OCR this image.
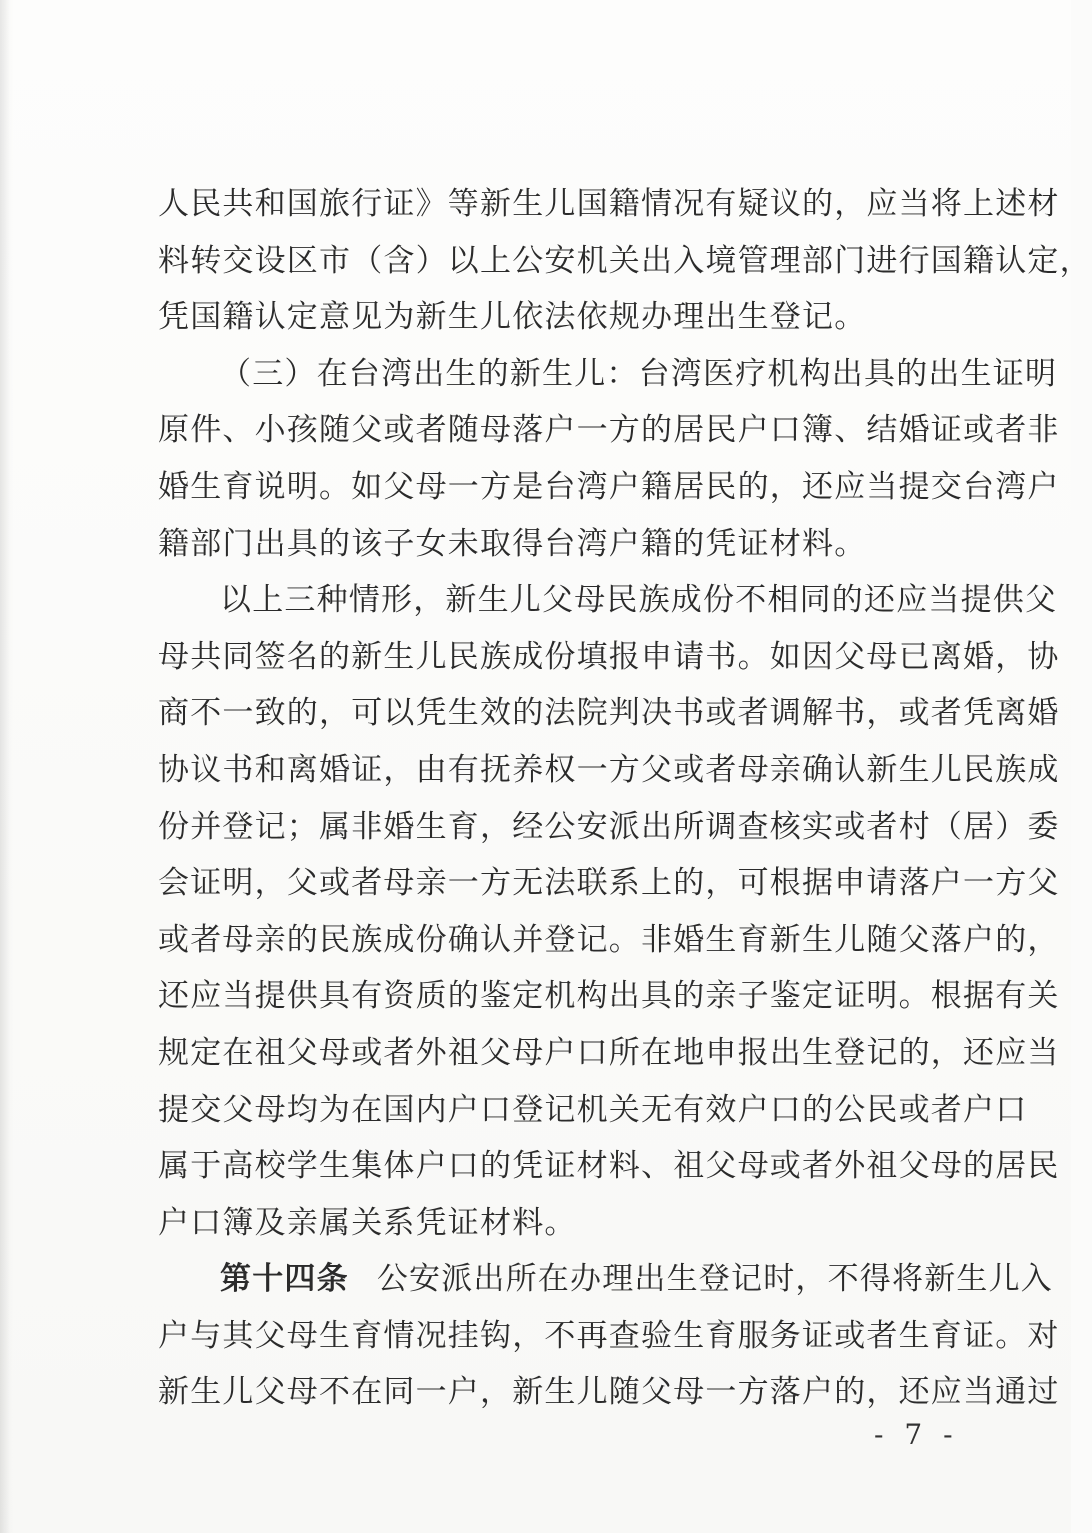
人民共和国旅行证》等新生儿国籍情况有疑议的，应当将上述材
料转交设区市（含）以上公安机关出入境管理部门进行国籍认定，
凭国籍认定意见为新生儿依法依规办理出生登记。
（三）在台湾出生的新生儿：台湾医疗机构出具的出生证明
原件、小孩随父或者随母落户一方的居民户口簿、结婚证或者非
婚生育说明。如父母一方是台湾户籍居民的，还应当提交台湾户
籍部门出具的该子女未取得台湾户籍的凭证材料。
以上三种情形，新生儿父母民族成份不相同的还应当提供父
母共同签名的新生儿民族成份填报申请书。如因父母已离婚，协
商不一致的，可以凭生效的法院判决书或者调解书，或者凭离婚
协议书和离婚证，由有抚养权一方父或者母亲确认新生儿民族成
份并登记；属非婚生育，经公安派出所调查核实或者村（居）委
会证明，父或者母亲一方无法联系上的，可根据申请落户一方父
或者母亲的民族成份确认并登记。非婚生育新生儿随父落户的，
还应当提供具有资质的鉴定机构出具的亲子鉴定证明。根据有关
规定在祖父母或者外祖父母户口所在地申报出生登记的，还应当
提交父母均为在国内户口登记机关无有效户口的公民或者户口
属于高校学生集体户口的凭证材料、祖父母或者外祖父母的居民
户口簿及亲属关系凭证材料。
第十四条 公安派出所在办理出生登记时，不得将新生儿入
户与其父母生育情况挂钩，不再查验生育服务证或者生育证。对
新生儿父母不在同一户，新生儿随父母一方落户的，还应当通过
- 7 -
